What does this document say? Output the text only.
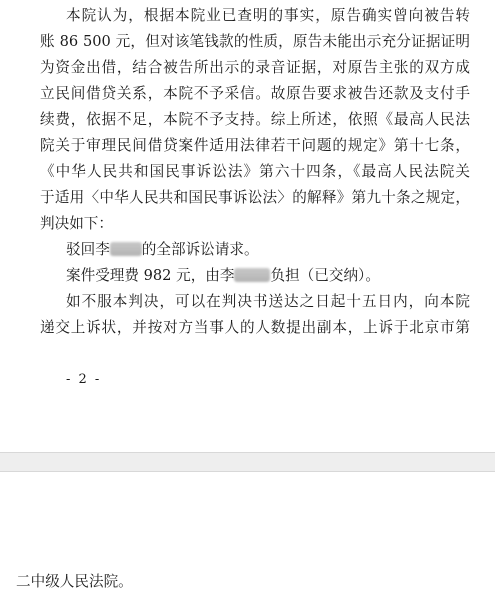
本院认为，根据本院业已查明的事实，原告确实曾向被告转
账 86 500 元，但对该笔钱款的性质，原告未能出示充分证据证明
为资金出借，结合被告所出示的录音证据，对原告主张的双方成
立民间借贷关系，本院不予采信。故原告要求被告还款及支付手
续费，依据不足，本院不予支持。综上所述，依照《最高人民法
院关于审理民间借贷案件适用法律若干问题的规定》第十七条，
《中华人民共和国民事诉讼法》第六十四条，《最高人民法院关
于适用〈中华人民共和国民事诉讼法〉的解释》第九十条之规定，
判决如下：
驳回李 的全部诉讼请求。
案件受理费 982 元，由李 负担（已交纳）。
如不服本判决，可以在判决书送达之日起十五日内，向本院
递交上诉状，并按对方当事人的人数提出副本，上诉于北京市第
- 2 -
二中级人民法院。
